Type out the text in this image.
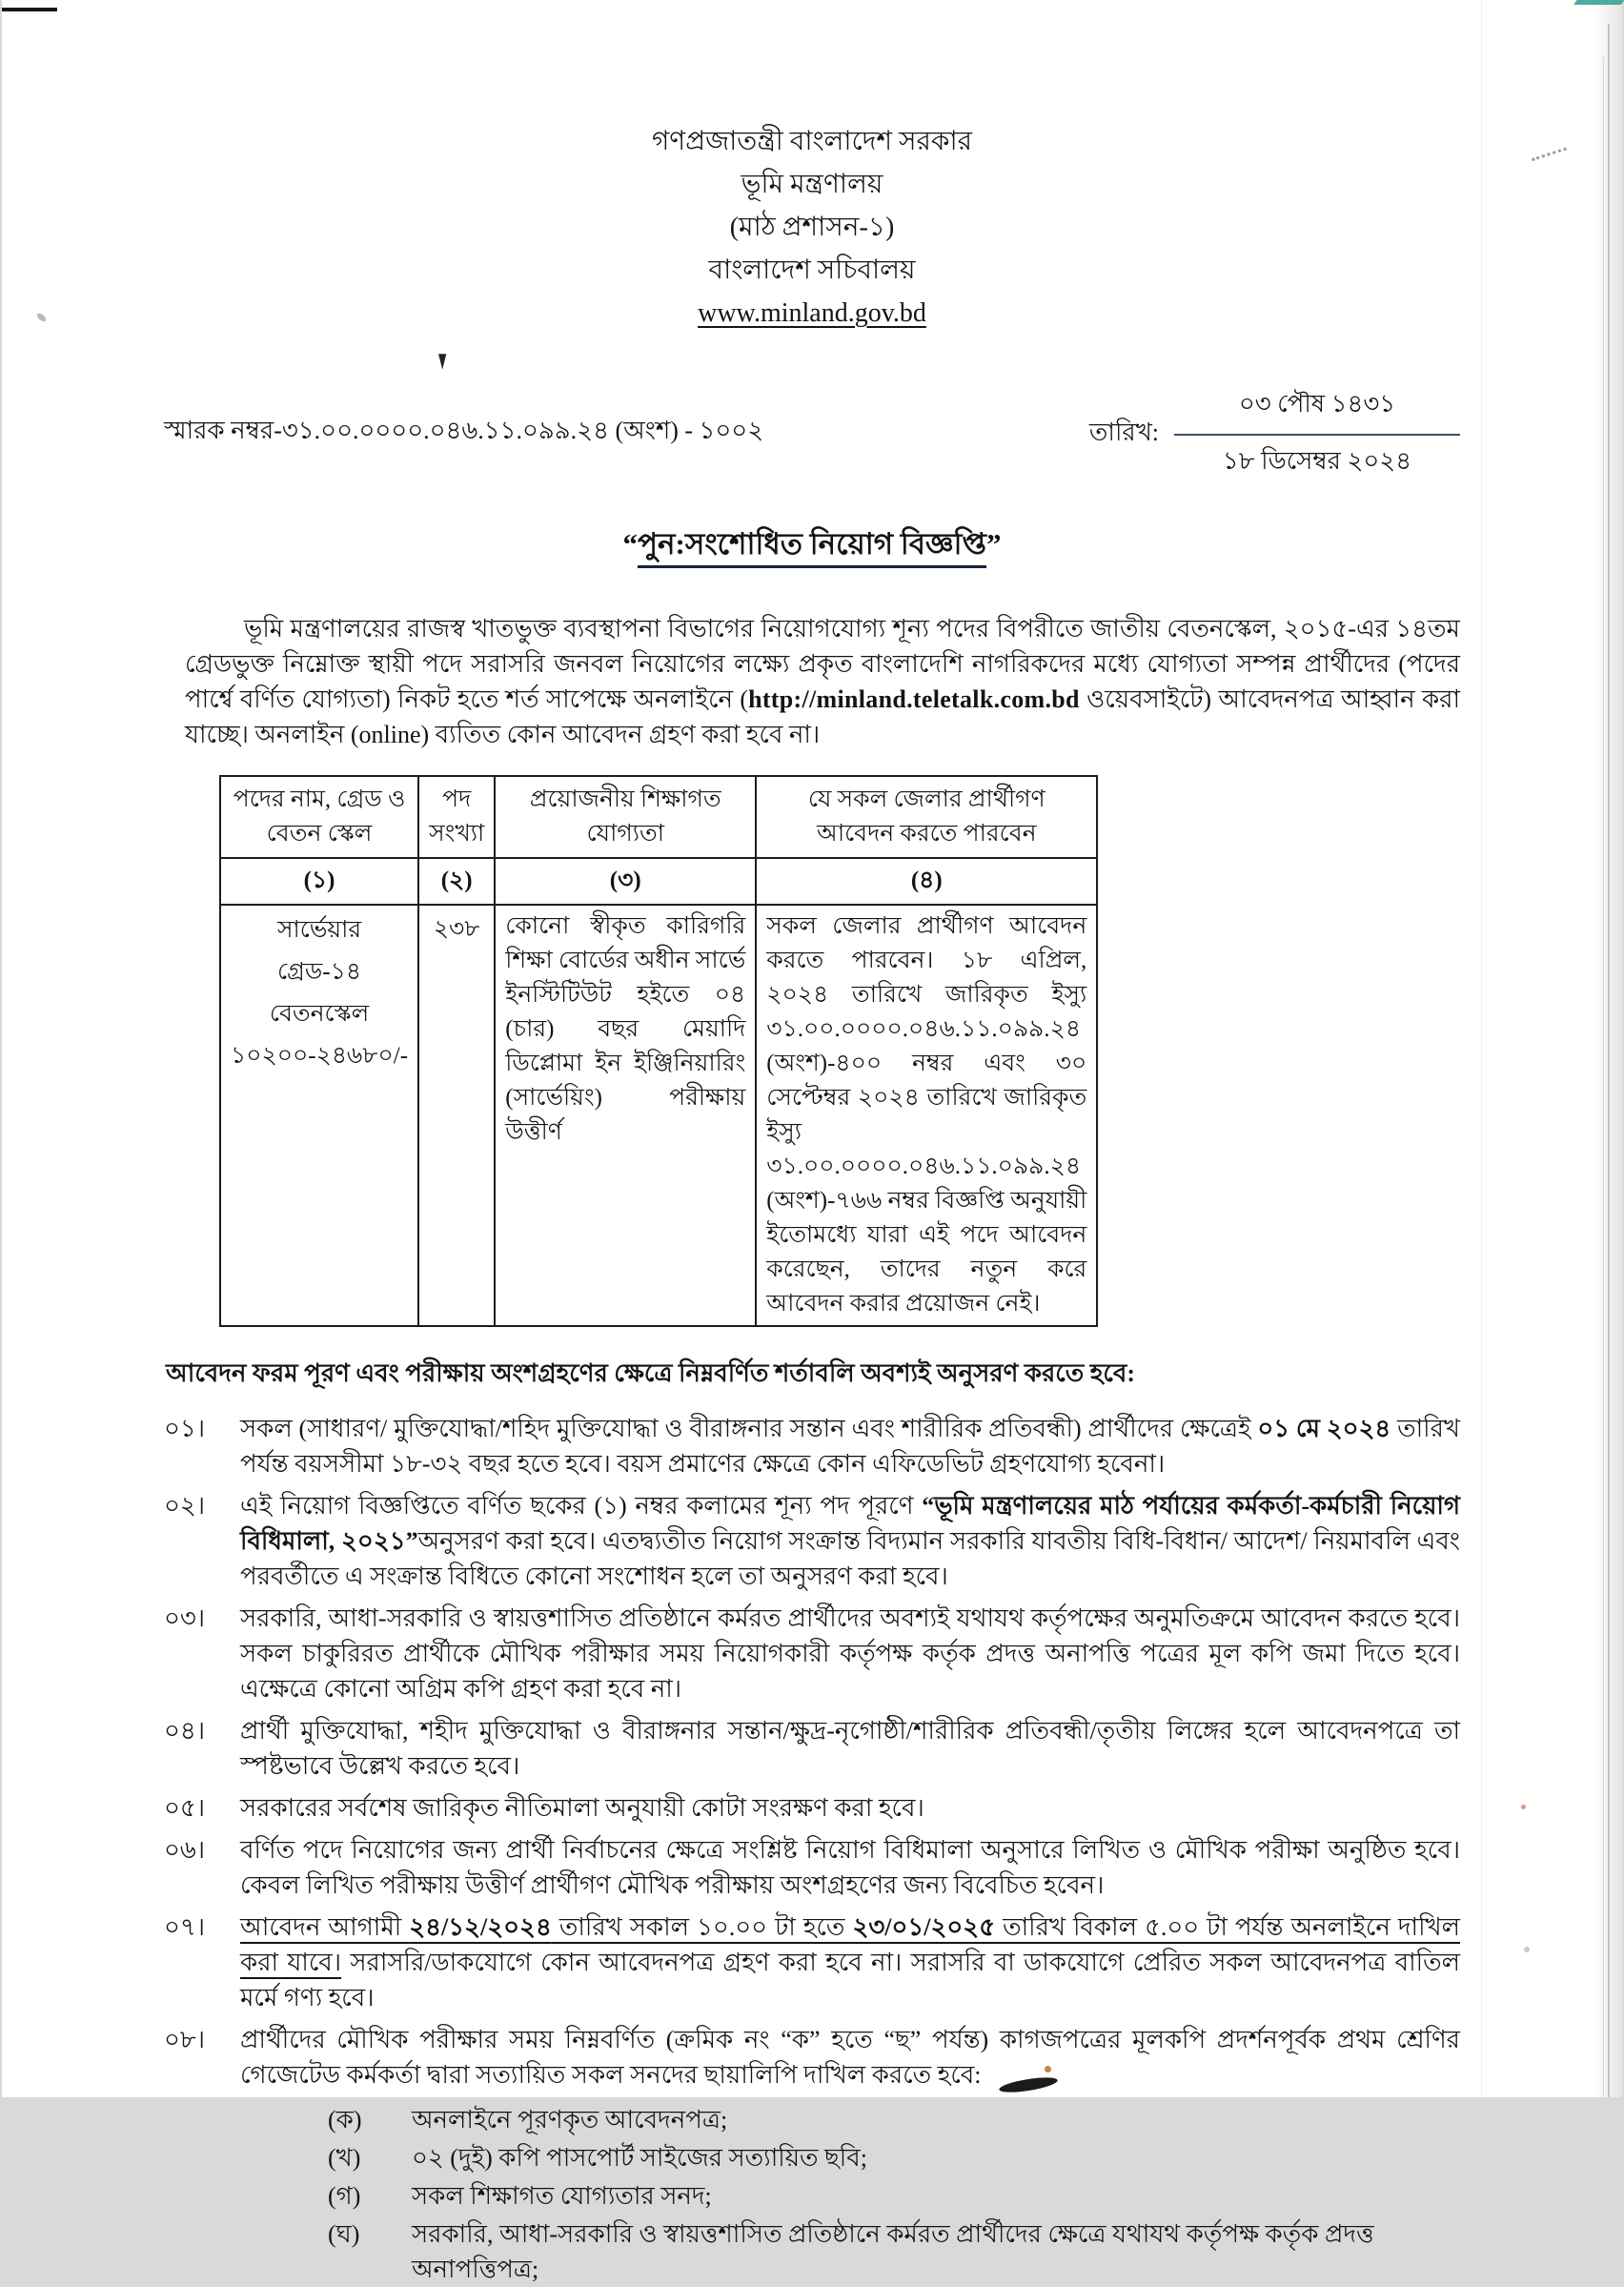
গণপ্রজাতন্ত্রী বাংলাদেশ সরকার
ভূমি মন্ত্রণালয়
(মাঠ প্রশাসন-১)
বাংলাদেশ সচিবালয়
www.minland.gov.bd
স্মারক নম্বর-৩১.০০.০০০০.০৪৬.১১.০৯৯.২৪ (অংশ) - ১০০২	তারিখ:
০৩ পৌষ ১৪৩১
১৮ ডিসেম্বর ২০২৪
“পুন:সংশোধিত নিয়োগ বিজ্ঞপ্তি”

ভূমি মন্ত্রণালয়ের রাজস্ব খাতভুক্ত ব্যবস্থাপনা বিভাগের নিয়োগযোগ্য শূন্য পদের বিপরীতে জাতীয় বেতনস্কেল, ২০১৫-এর ১৪তম গ্রেডভুক্ত নিম্নোক্ত স্থায়ী পদে সরাসরি জনবল নিয়োগের লক্ষ্যে প্রকৃত বাংলাদেশি নাগরিকদের মধ্যে যোগ্যতা সম্পন্ন প্রার্থীদের (পদের পার্শ্বে বর্ণিত যোগ্যতা) নিকট হতে শর্ত সাপেক্ষে অনলাইনে (http://minland.teletalk.com.bd ওয়েবসাইটে) আবেদনপত্র আহ্বান করা যাচ্ছে। অনলাইন (online) ব্যতিত কোন আবেদন গ্রহণ করা হবে না।

পদের নাম, গ্রেড ও বেতন স্কেল	পদ সংখ্যা	প্রয়োজনীয় শিক্ষাগত যোগ্যতা	যে সকল জেলার প্রার্থীগণ আবেদন করতে পারবেন
(১)	(২)	(৩)	(৪)

সার্ভেয়ার
গ্রেড-১৪
বেতনস্কেল
১০২০০-২৪৬৮০/-
	২৩৮	কোনো স্বীকৃত কারিগরি শিক্ষা বোর্ডের অধীন সার্ভে ইনস্টিটিউট হইতে ০৪ (চার) বছর মেয়াদি ডিপ্লোমা ইন ইঞ্জিনিয়ারিং (সার্ভেয়িং) পরীক্ষায় উত্তীর্ণ	সকল জেলার প্রার্থীগণ আবেদন করতে পারবেন। ১৮ এপ্রিল, ২০২৪ তারিখে জারিকৃত ইস্যু ৩১.০০.০০০০.০৪৬.১১.০৯৯.২৪ (অংশ)-৪০০ নম্বর এবং ৩০ সেপ্টেম্বর ২০২৪ তারিখে জারিকৃত ইস্যু ৩১.০০.০০০০.০৪৬.১১.০৯৯.২৪ (অংশ)-৭৬৬ নম্বর বিজ্ঞপ্তি অনুযায়ী ইতোমধ্যে যারা এই পদে আবেদন করেছেন, তাদের নতুন করে আবেদন করার প্রয়োজন নেই।

আবেদন ফরম পূরণ এবং পরীক্ষায় অংশগ্রহণের ক্ষেত্রে নিম্নবর্ণিত শর্তাবলি অবশ্যই অনুসরণ করতে হবে:

০১।	সকল (সাধারণ/ মুক্তিযোদ্ধা/শহিদ মুক্তিযোদ্ধা ও বীরাঙ্গনার সন্তান এবং শারীরিক প্রতিবন্ধী) প্রার্থীদের ক্ষেত্রেই ০১ মে ২০২৪ তারিখ পর্যন্ত বয়সসীমা ১৮-৩২ বছর হতে হবে। বয়স প্রমাণের ক্ষেত্রে কোন এফিডেভিট গ্রহণযোগ্য হবেনা।
০২।	এই নিয়োগ বিজ্ঞপ্তিতে বর্ণিত ছকের (১) নম্বর কলামের শূন্য পদ পূরণে “ভূমি মন্ত্রণালয়ের মাঠ পর্যায়ের কর্মকর্তা-কর্মচারী নিয়োগ বিধিমালা, ২০২১”অনুসরণ করা হবে। এতদ্ব্যতীত নিয়োগ সংক্রান্ত বিদ্যমান সরকারি যাবতীয় বিধি-বিধান/ আদেশ/ নিয়মাবলি এবং পরবর্তীতে এ সংক্রান্ত বিধিতে কোনো সংশোধন হলে তা অনুসরণ করা হবে।
০৩।	সরকারি, আধা-সরকারি ও স্বায়ত্তশাসিত প্রতিষ্ঠানে কর্মরত প্রার্থীদের অবশ্যই যথাযথ কর্তৃপক্ষের অনুমতিক্রমে আবেদন করতে হবে। সকল চাকুরিরত প্রার্থীকে মৌখিক পরীক্ষার সময় নিয়োগকারী কর্তৃপক্ষ কর্তৃক প্রদত্ত অনাপত্তি পত্রের মূল কপি জমা দিতে হবে। এক্ষেত্রে কোনো অগ্রিম কপি গ্রহণ করা হবে না।
০৪।	প্রার্থী মুক্তিযোদ্ধা, শহীদ মুক্তিযোদ্ধা ও বীরাঙ্গনার সন্তান/ক্ষুদ্র-নৃগোষ্ঠী/শারীরিক প্রতিবন্ধী/তৃতীয় লিঙ্গের হলে আবেদনপত্রে তা স্পষ্টভাবে উল্লেখ করতে হবে।
০৫।	সরকারের সর্বশেষ জারিকৃত নীতিমালা অনুযায়ী কোটা সংরক্ষণ করা হবে।
০৬।	বর্ণিত পদে নিয়োগের জন্য প্রার্থী নির্বাচনের ক্ষেত্রে সংশ্লিষ্ট নিয়োগ বিধিমালা অনুসারে লিখিত ও মৌখিক পরীক্ষা অনুষ্ঠিত হবে। কেবল লিখিত পরীক্ষায় উত্তীর্ণ প্রার্থীগণ মৌখিক পরীক্ষায় অংশগ্রহণের জন্য বিবেচিত হবেন।
০৭।	আবেদন আগামী ২৪/১২/২০২৪ তারিখ সকাল ১০.০০ টা হতে ২৩/০১/২০২৫ তারিখ বিকাল ৫.০০ টা পর্যন্ত অনলাইনে দাখিল করা যাবে। সরাসরি/ডাকযোগে কোন আবেদনপত্র গ্রহণ করা হবে না। সরাসরি বা ডাকযোগে প্রেরিত সকল আবেদনপত্র বাতিল মর্মে গণ্য হবে।
০৮।	প্রার্থীদের মৌখিক পরীক্ষার সময় নিম্নবর্ণিত (ক্রমিক নং “ক” হতে “ছ” পর্যন্ত) কাগজপত্রের মূলকপি প্রদর্শনপূর্বক প্রথম শ্রেণির গেজেটেড কর্মকর্তা দ্বারা সত্যায়িত সকল সনদের ছায়ালিপি দাখিল করতে হবে:
(ক)	অনলাইনে পূরণকৃত আবেদনপত্র;
(খ)	০২ (দুই) কপি পাসপোর্ট সাইজের সত্যায়িত ছবি;
(গ)	সকল শিক্ষাগত যোগ্যতার সনদ;
(ঘ)	সরকারি, আধা-সরকারি ও স্বায়ত্তশাসিত প্রতিষ্ঠানে কর্মরত প্রার্থীদের ক্ষেত্রে যথাযথ কর্তৃপক্ষ কর্তৃক প্রদত্ত অনাপত্তিপত্র;
